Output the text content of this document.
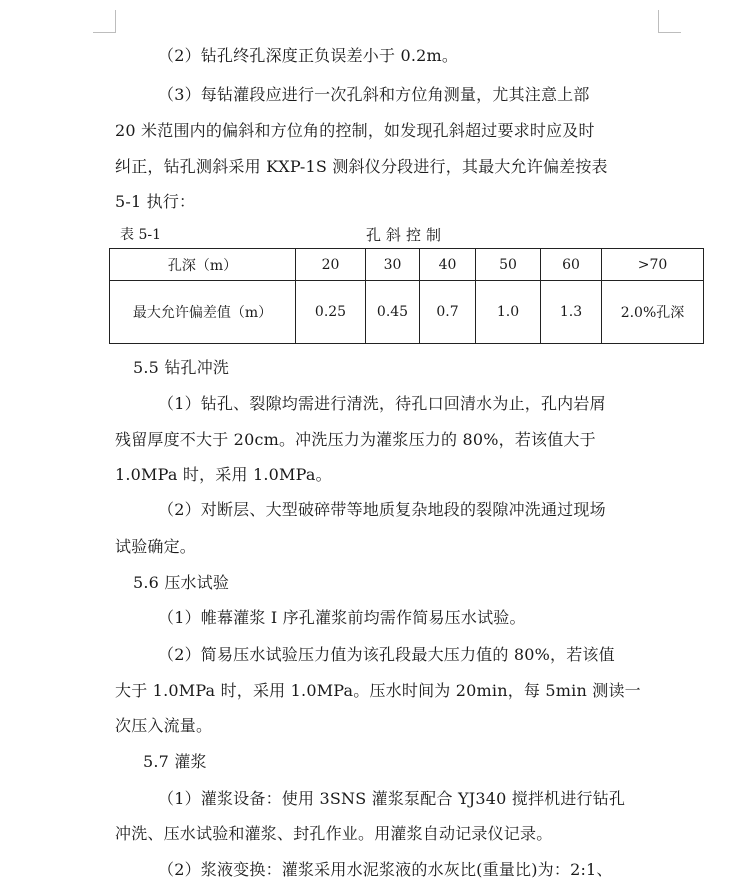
（2）钻孔终孔深度正负误差小于 0.2m。
（3）每钻灌段应进行一次孔斜和方位角测量，尤其注意上部
20 米范围内的偏斜和方位角的控制，如发现孔斜超过要求时应及时
纠正，钻孔测斜采用 KXP-1S 测斜仪分段进行，其最大允许偏差按表
5-1 执行：
表 5-1	孔斜控制
孔深（m）	20	30	40	50	60	>70
最大允许偏差值（m）	0.25	0.45	0.7	1.0	1.3	2.0%孔深
5.5 钻孔冲洗
（1）钻孔、裂隙均需进行清洗，待孔口回清水为止，孔内岩屑
残留厚度不大于 20cm。冲洗压力为灌浆压力的 80%，若该值大于
1.0MPa 时，采用 1.0MPa。
（2）对断层、大型破碎带等地质复杂地段的裂隙冲洗通过现场
试验确定。
5.6 压水试验
（1）帷幕灌浆 I 序孔灌浆前均需作简易压水试验。
（2）简易压水试验压力值为该孔段最大压力值的 80%，若该值
大于 1.0MPa 时，采用 1.0MPa。压水时间为 20min，每 5min 测读一
次压入流量。
5.7 灌浆
（1）灌浆设备：使用 3SNS 灌浆泵配合 YJ340 搅拌机进行钻孔
冲洗、压水试验和灌浆、封孔作业。用灌浆自动记录仪记录。
（2）浆液变换：灌浆采用水泥浆液的水灰比(重量比)为：2:1、
